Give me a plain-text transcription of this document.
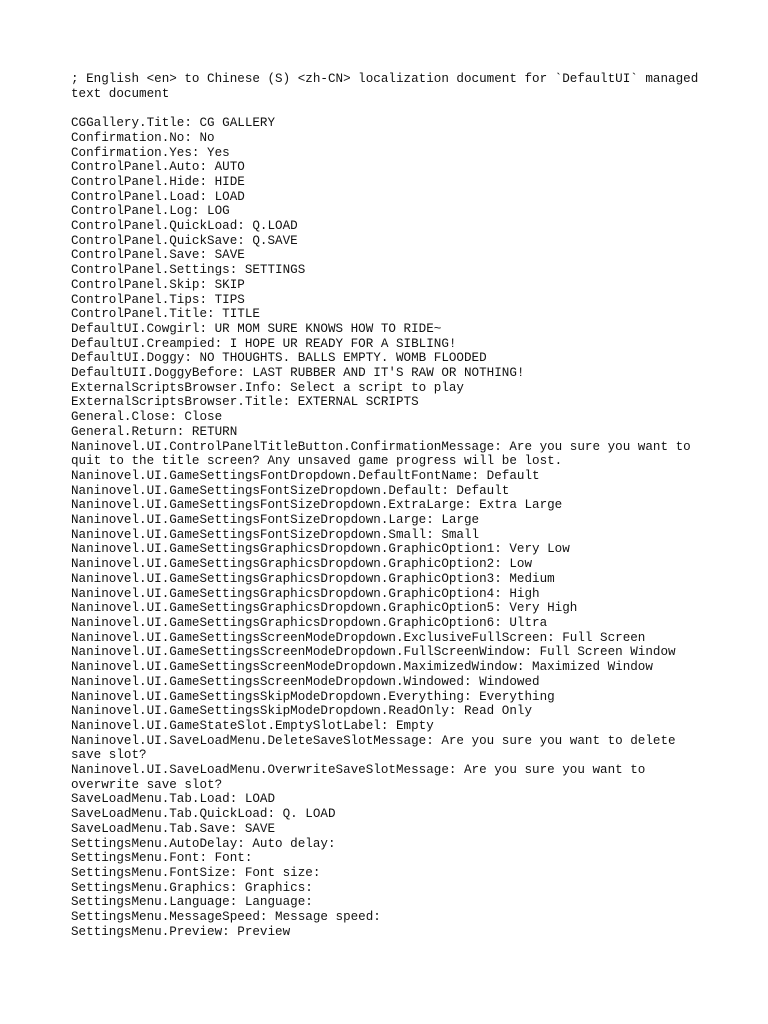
; English <en> to Chinese (S) <zh-CN> localization document for `DefaultUI` managed
text document
CGGallery.Title: CG GALLERY
Confirmation.No: No
Confirmation.Yes: Yes
ControlPanel.Auto: AUTO
ControlPanel.Hide: HIDE
ControlPanel.Load: LOAD
ControlPanel.Log: LOG
ControlPanel.QuickLoad: Q.LOAD
ControlPanel.QuickSave: Q.SAVE
ControlPanel.Save: SAVE
ControlPanel.Settings: SETTINGS
ControlPanel.Skip: SKIP
ControlPanel.Tips: TIPS
ControlPanel.Title: TITLE
DefaultUI.Cowgirl: UR MOM SURE KNOWS HOW TO RIDE~
DefaultUI.Creampied: I HOPE UR READY FOR A SIBLING!
DefaultUI.Doggy: NO THOUGHTS. BALLS EMPTY. WOMB FLOODED
DefaultUII.DoggyBefore: LAST RUBBER AND IT'S RAW OR NOTHING!
ExternalScriptsBrowser.Info: Select a script to play
ExternalScriptsBrowser.Title: EXTERNAL SCRIPTS
General.Close: Close
General.Return: RETURN
Naninovel.UI.ControlPanelTitleButton.ConfirmationMessage: Are you sure you want to quit to the title screen? Any unsaved game progress will be lost.
Naninovel.UI.GameSettingsFontDropdown.DefaultFontName: Default
Naninovel.UI.GameSettingsFontSizeDropdown.Default: Default
Naninovel.UI.GameSettingsFontSizeDropdown.ExtraLarge: Extra Large
Naninovel.UI.GameSettingsFontSizeDropdown.Large: Large
Naninovel.UI.GameSettingsFontSizeDropdown.Small: Small
Naninovel.UI.GameSettingsGraphicsDropdown.GraphicOption1: Very Low
Naninovel.UI.GameSettingsGraphicsDropdown.GraphicOption2: Low
Naninovel.UI.GameSettingsGraphicsDropdown.GraphicOption3: Medium
Naninovel.UI.GameSettingsGraphicsDropdown.GraphicOption4: High
Naninovel.UI.GameSettingsGraphicsDropdown.GraphicOption5: Very High
Naninovel.UI.GameSettingsGraphicsDropdown.GraphicOption6: Ultra
Naninovel.UI.GameSettingsScreenModeDropdown.ExclusiveFullScreen: Full Screen
Naninovel.UI.GameSettingsScreenModeDropdown.FullScreenWindow: Full Screen Window
Naninovel.UI.GameSettingsScreenModeDropdown.MaximizedWindow: Maximized Window
Naninovel.UI.GameSettingsScreenModeDropdown.Windowed: Windowed
Naninovel.UI.GameSettingsSkipModeDropdown.Everything: Everything
Naninovel.UI.GameSettingsSkipModeDropdown.ReadOnly: Read Only
Naninovel.UI.GameStateSlot.EmptySlotLabel: Empty
Naninovel.UI.SaveLoadMenu.DeleteSaveSlotMessage: Are you sure you want to delete save slot?
Naninovel.UI.SaveLoadMenu.OverwriteSaveSlotMessage: Are you sure you want to overwrite save slot?
SaveLoadMenu.Tab.Load: LOAD
SaveLoadMenu.Tab.QuickLoad: Q. LOAD
SaveLoadMenu.Tab.Save: SAVE
SettingsMenu.AutoDelay: Auto delay:
SettingsMenu.Font: Font:
SettingsMenu.FontSize: Font size:
SettingsMenu.Graphics: Graphics:
SettingsMenu.Language: Language:
SettingsMenu.MessageSpeed: Message speed:
SettingsMenu.Preview: Preview
